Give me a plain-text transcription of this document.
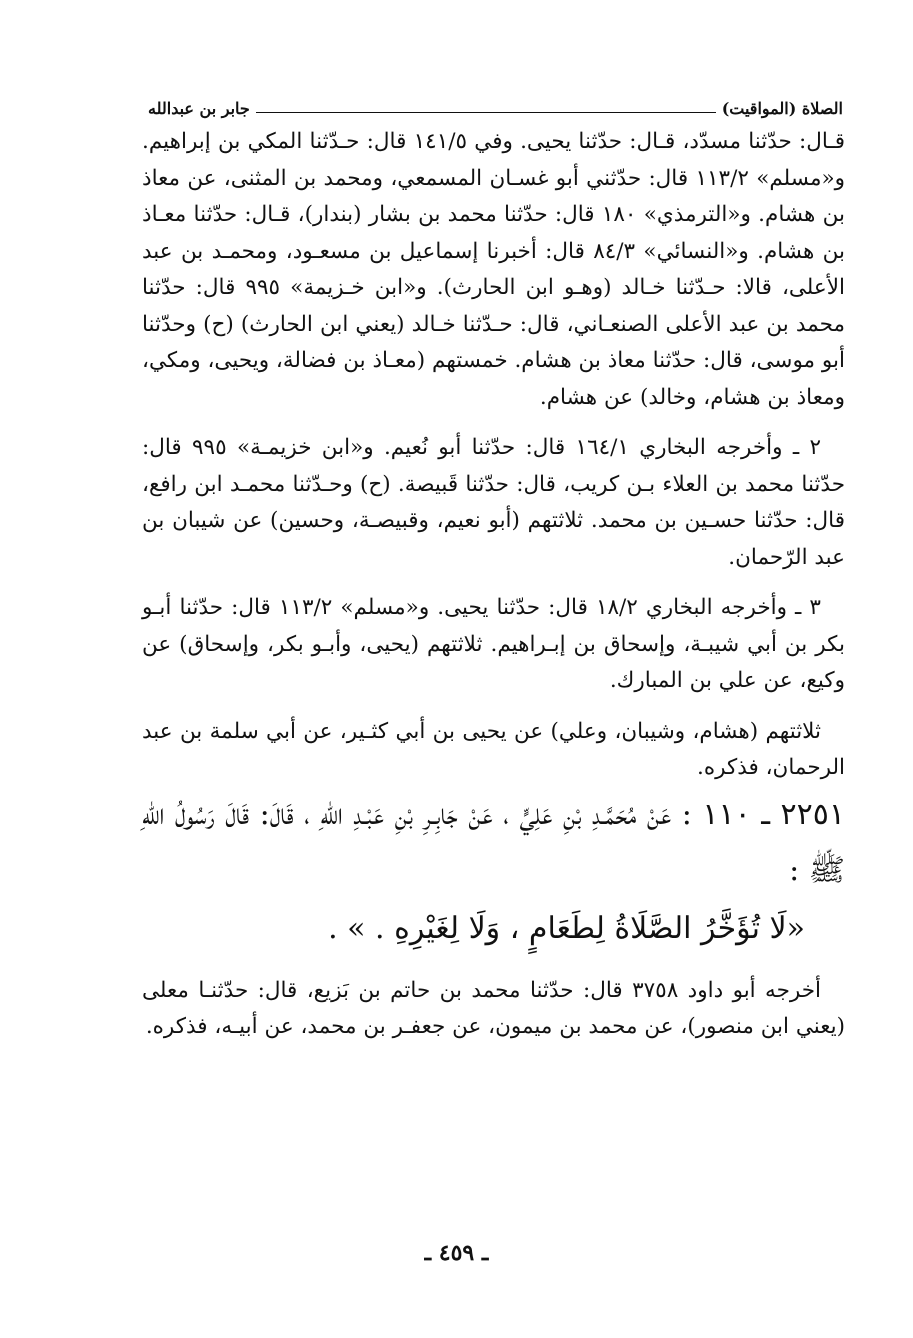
الصلاة (المواقيت)
جابر بن عبدالله

قـال: حدّثنا مسدّد، قـال: حدّثنا يحيى. وفي ١٤١/٥ قال: حـدّثنا المكي بن إبراهيم. و«مسلم» ١١٣/٢ قال: حدّثني أبو غسـان المسمعي، ومحمد بن المثنى، عن معاذ بن هشام. و«الترمذي» ١٨٠ قال: حدّثنا محمد بن بشار (بندار)، قـال: حدّثنا معـاذ بن هشام. و«النسائي» ٨٤/٣ قال: أخبرنا إسماعيل بن مسعـود، ومحمـد بن عبد الأعلى، قالا: حـدّثنا خـالد (وهـو ابن الحارث). و«ابن خـزيمة» ٩٩٥ قال: حدّثنا محمد بن عبد الأعلى الصنعـاني، قال: حـدّثنا خـالد (يعني ابن الحارث) (ح) وحدّثنا أبو موسى، قال: حدّثنا معاذ بن هشام. خمستهم (معـاذ بن فضالة، ويحيى، ومكي، ومعاذ بن هشام، وخالد) عن هشام.

٢ ـ وأخرجه البخاري ١٦٤/١ قال: حدّثنا أبو نُعيم. و«ابن خزيمـة» ٩٩٥ قال: حدّثنا محمد بن العلاء بـن كريب، قال: حدّثنا قَبيصة. (ح) وحـدّثنا محمـد ابن رافع، قال: حدّثنا حسـين بن محمد. ثلاثتهم (أبو نعيم، وقبيصـة، وحسين) عن شيبان بن عبد الرّحمان.

٣ ـ وأخرجه البخاري ١٨/٢ قال: حدّثنا يحيى. و«مسلم» ١١٣/٢ قال: حدّثنا أبـو بكر بن أبي شيبـة، وإسحاق بن إبـراهيم. ثلاثتهم (يحيى، وأبـو بكر، وإسحاق) عن وكيع، عن علي بن المبارك.

ثلاثتهم (هشام، وشيبان، وعلي) عن يحيى بن أبي كثـير، عن أبي سلمة بن عبد الرحمان، فذكره.

٢٢٥١ ـ ١١٠ : عَنْ مُحَمَّـدِ بْنِ عَلِيٍّ ، عَنْ جَابِـرِ بْنِ عَبْـدِ اللهِ ، قَالَ: قَالَ رَسُولُ اللهِ ﷺ :

«لَا تُؤَخَّرُ الصَّلَاةُ لِطَعَامٍ ، وَلَا لِغَيْرِهِ . » .

أخرجه أبو داود ٣٧٥٨ قال: حدّثنا محمد بن حاتم بن بَزيع، قال: حدّثنـا معلى (يعني ابن منصور)، عن محمد بن ميمون، عن جعفـر بن محمد، عن أبيـه، فذكره.

ـ ٤٥٩ ـ
